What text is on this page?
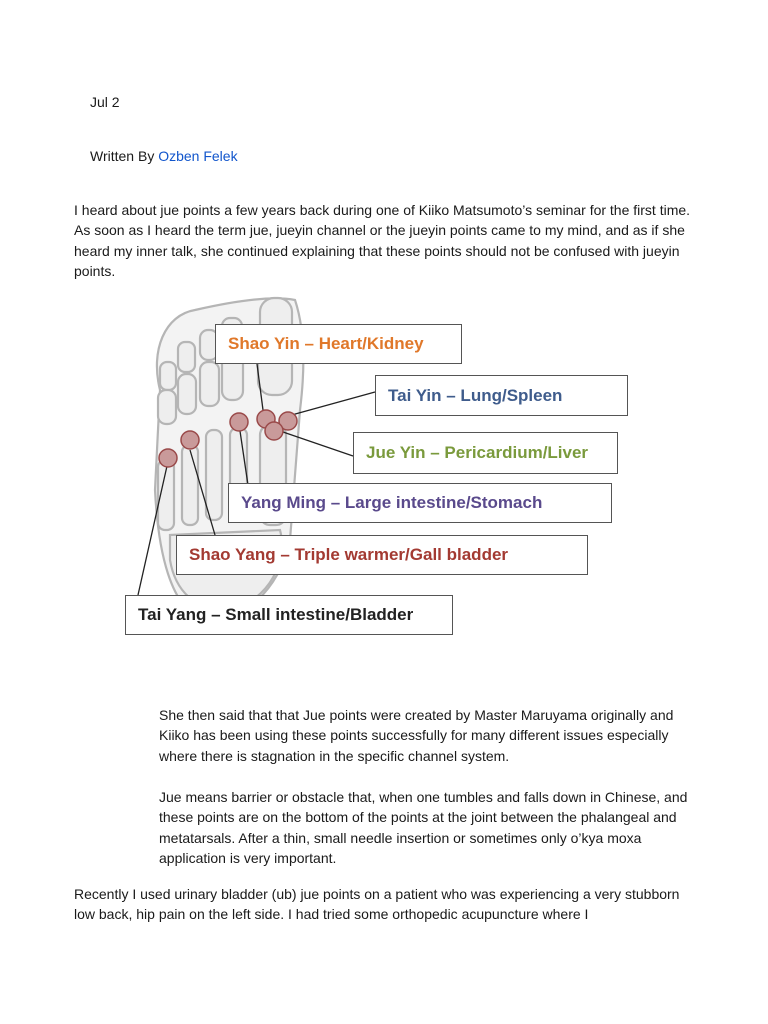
Jul 2

Written By Ozben Felek

I heard about jue points a few years back during one of Kiiko Matsumoto’s seminar for the first time. As soon as I heard the term jue, jueyin channel or the jueyin points came to my mind, and as if she heard my inner talk, she continued explaining that these points should not be confused with jueyin points.

Shao Yin – Heart/Kidney
Tai Yin – Lung/Spleen
Jue Yin – Pericardium/Liver
Yang Ming – Large intestine/Stomach
Shao Yang – Triple warmer/Gall bladder
Tai Yang – Small intestine/Bladder

She then said that that Jue points were created by Master Maruyama originally and Kiiko has been using these points successfully for many different issues especially where there is stagnation in the specific channel system.

Jue means barrier or obstacle that, when one tumbles and falls down in Chinese, and these points are on the bottom of the points at the joint between the phalangeal and metatarsals. After a thin, small needle insertion or sometimes only o’kya moxa application is very important.

Recently I used urinary bladder (ub) jue points on a patient who was experiencing a very stubborn low back, hip pain on the left side. I had tried some orthopedic acupuncture where I
